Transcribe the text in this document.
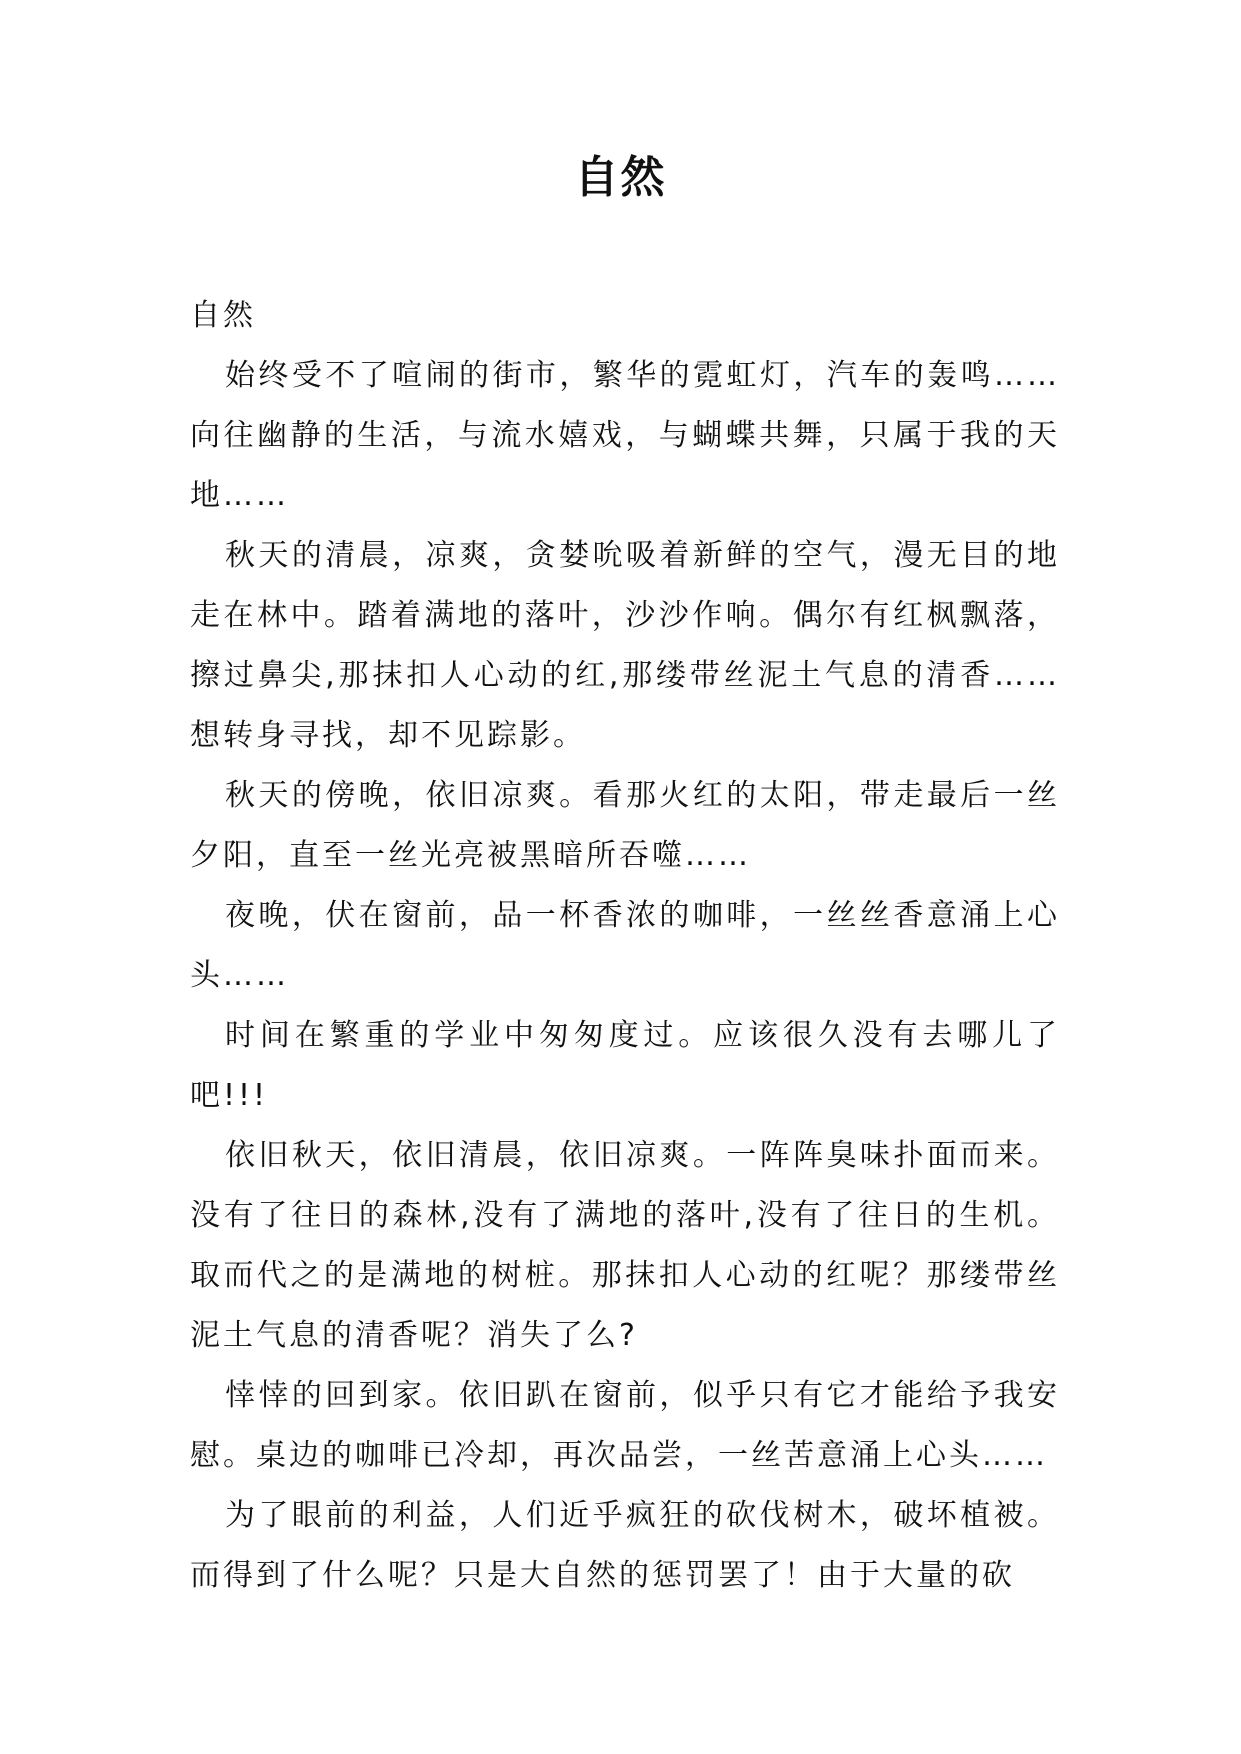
自然

自然

始终受不了喧闹的街市，繁华的霓虹灯，汽车的轰鸣……向往幽静的生活，与流水嬉戏，与蝴蝶共舞，只属于我的天地……

秋天的清晨，凉爽，贪婪吮吸着新鲜的空气，漫无目的地走在林中。踏着满地的落叶，沙沙作响。偶尔有红枫飘落，擦过鼻尖,那抹扣人心动的红,那缕带丝泥土气息的清香……想转身寻找，却不见踪影。

秋天的傍晚，依旧凉爽。看那火红的太阳，带走最后一丝夕阳，直至一丝光亮被黑暗所吞噬……

夜晚，伏在窗前，品一杯香浓的咖啡，一丝丝香意涌上心头……

时间在繁重的学业中匆匆度过。应该很久没有去哪儿了吧!!!

依旧秋天，依旧清晨，依旧凉爽。一阵阵臭味扑面而来。没有了往日的森林,没有了满地的落叶,没有了往日的生机。取而代之的是满地的树桩。那抹扣人心动的红呢？那缕带丝泥土气息的清香呢？消失了么?

悻悻的回到家。依旧趴在窗前，似乎只有它才能给予我安慰。桌边的咖啡已冷却，再次品尝，一丝苦意涌上心头……

为了眼前的利益，人们近乎疯狂的砍伐树木，破坏植被。而得到了什么呢？只是大自然的惩罚罢了！由于大量的砍
